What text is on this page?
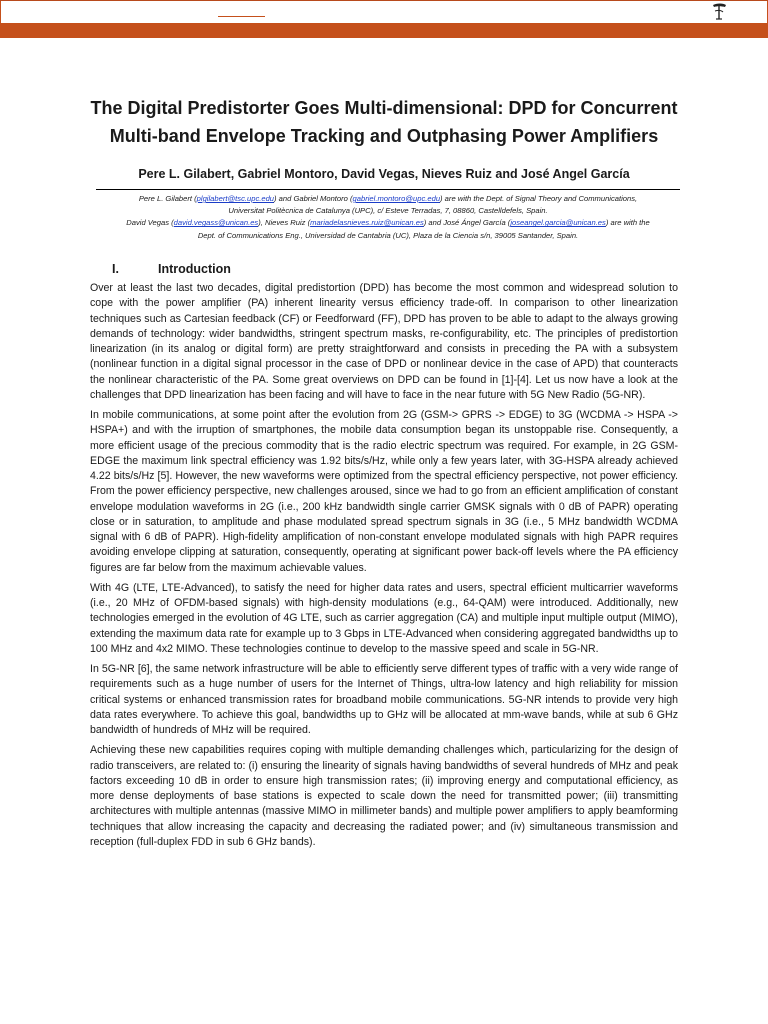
The Digital Predistorter Goes Multi-dimensional: DPD for Concurrent
Multi-band Envelope Tracking and Outphasing Power Amplifiers
Pere L. Gilabert, Gabriel Montoro, David Vegas, Nieves Ruiz and José Angel García
Pere L. Gilabert (plgilabert@tsc.upc.edu) and Gabriel Montoro (gabriel.montoro@upc.edu) are with the Dept. of Signal Theory and Communications,
Universitat Politècnica de Catalunya (UPC), c/ Esteve Terradas, 7, 08860, Castelldefels, Spain.
David Vegas (david.vegass@unican.es), Nieves Ruiz (mariadelasnieves.ruiz@unican.es) and José Ángel García (joseangel.garcia@unican.es) are with the
Dept. of Communications Eng., Universidad de Cantabria (UC), Plaza de la Ciencia s/n, 39005 Santander, Spain.
I.	Introduction

Over at least the last two decades, digital predistortion (DPD) has become the most common and widespread solution to cope with the power amplifier (PA) inherent linearity versus efficiency trade-off. In comparison to other linearization techniques such as Cartesian feedback (CF) or Feedforward (FF), DPD has proven to be able to adapt to the always growing demands of technology: wider bandwidths, stringent spectrum masks, re-configurability, etc. The principles of predistortion linearization (in its analog or digital form) are pretty straightforward and consists in preceding the PA with a subsystem (nonlinear function in a digital signal processor in the case of DPD or nonlinear device in the case of APD) that counteracts the nonlinear characteristic of the PA. Some great overviews on DPD can be found in [1]-[4]. Let us now have a look at the challenges that DPD linearization has been facing and will have to face in the near future with 5G New Radio (5G-NR).

In mobile communications, at some point after the evolution from 2G (GSM-> GPRS -> EDGE) to 3G (WCDMA -> HSPA -> HSPA+) and with the irruption of smartphones, the mobile data consumption began its unstoppable rise. Consequently, a more efficient usage of the precious commodity that is the radio electric spectrum was required. For example, in 2G GSM-EDGE the maximum link spectral efficiency was 1.92 bits/s/Hz, while only a few years later, with 3G-HSPA already achieved 4.22 bits/s/Hz [5]. However, the new waveforms were optimized from the spectral efficiency perspective, not power efficiency. From the power efficiency perspective, new challenges aroused, since we had to go from an efficient amplification of constant envelope modulation waveforms in 2G (i.e., 200 kHz bandwidth single carrier GMSK signals with 0 dB of PAPR) operating close or in saturation, to amplitude and phase modulated spread spectrum signals in 3G (i.e., 5 MHz bandwidth WCDMA signal with 6 dB of PAPR). High-fidelity amplification of non-constant envelope modulated signals with high PAPR requires avoiding envelope clipping at saturation, consequently, operating at significant power back-off levels where the PA efficiency figures are far below from the maximum achievable values.

With 4G (LTE, LTE-Advanced), to satisfy the need for higher data rates and users, spectral efficient multicarrier waveforms (i.e., 20 MHz of OFDM-based signals) with high-density modulations (e.g., 64-QAM) were introduced. Additionally, new technologies emerged in the evolution of 4G LTE, such as carrier aggregation (CA) and multiple input multiple output (MIMO), extending the maximum data rate for example up to 3 Gbps in LTE-Advanced when considering aggregated bandwidths up to 100 MHz and 4x2 MIMO. These technologies continue to develop to the massive speed and scale in 5G-NR.

In 5G-NR [6], the same network infrastructure will be able to efficiently serve different types of traffic with a very wide range of requirements such as a huge number of users for the Internet of Things, ultra-low latency and high reliability for mission critical systems or enhanced transmission rates for broadband mobile communications. 5G-NR intends to provide very high data rates everywhere. To achieve this goal, bandwidths up to GHz will be allocated at mm-wave bands, while at sub 6 GHz bandwidth of hundreds of MHz will be required.

Achieving these new capabilities requires coping with multiple demanding challenges which, particularizing for the design of radio transceivers, are related to: (i) ensuring the linearity of signals having bandwidths of several hundreds of MHz and peak factors exceeding 10 dB in order to ensure high transmission rates; (ii) improving energy and computational efficiency, as more dense deployments of base stations is expected to scale down the need for transmitted power; (iii) transmitting architectures with multiple antennas (massive MIMO in millimeter bands) and multiple power amplifiers to apply beamforming techniques that allow increasing the capacity and decreasing the radiated power; and (iv) simultaneous transmission and reception (full-duplex FDD in sub 6 GHz bands).
